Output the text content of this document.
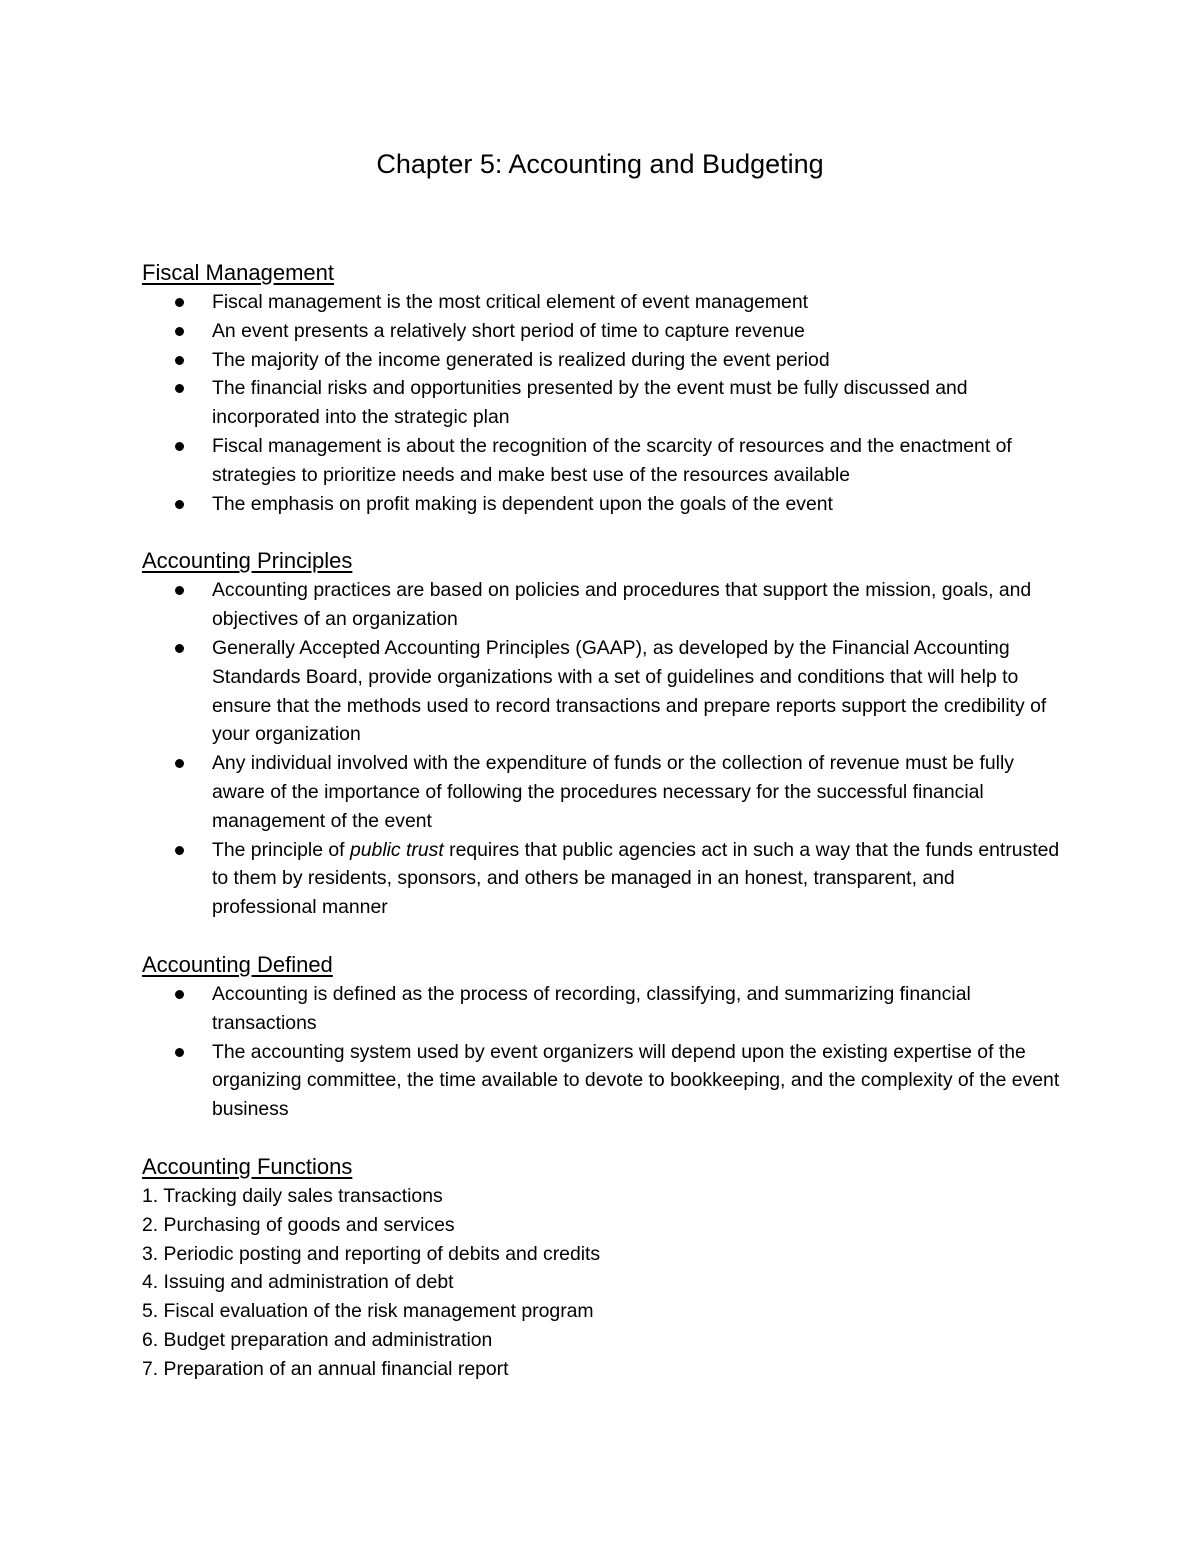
Chapter 5: Accounting and Budgeting
Fiscal Management
Fiscal management is the most critical element of event management
An event presents a relatively short period of time to capture revenue
The majority of the income generated is realized during the event period
The financial risks and opportunities presented by the event must be fully discussed and incorporated into the strategic plan
Fiscal management is about the recognition of the scarcity of resources and the enactment of strategies to prioritize needs and make best use of the resources available
The emphasis on profit making is dependent upon the goals of the event
Accounting Principles
Accounting practices are based on policies and procedures that support the mission, goals, and objectives of an organization
Generally Accepted Accounting Principles (GAAP), as developed by the Financial Accounting Standards Board, provide organizations with a set of guidelines and conditions that will help to ensure that the methods used to record transactions and prepare reports support the credibility of your organization
Any individual involved with the expenditure of funds or the collection of revenue must be fully aware of the importance of following the procedures necessary for the successful financial management of the event
The principle of public trust requires that public agencies act in such a way that the funds entrusted to them by residents, sponsors, and others be managed in an honest, transparent, and professional manner
Accounting Defined
Accounting is defined as the process of recording, classifying, and summarizing financial transactions
The accounting system used by event organizers will depend upon the existing expertise of the organizing committee, the time available to devote to bookkeeping, and the complexity of the event business
Accounting Functions
1. Tracking daily sales transactions
2. Purchasing of goods and services
3. Periodic posting and reporting of debits and credits
4. Issuing and administration of debt
5. Fiscal evaluation of the risk management program
6. Budget preparation and administration
7. Preparation of an annual financial report
